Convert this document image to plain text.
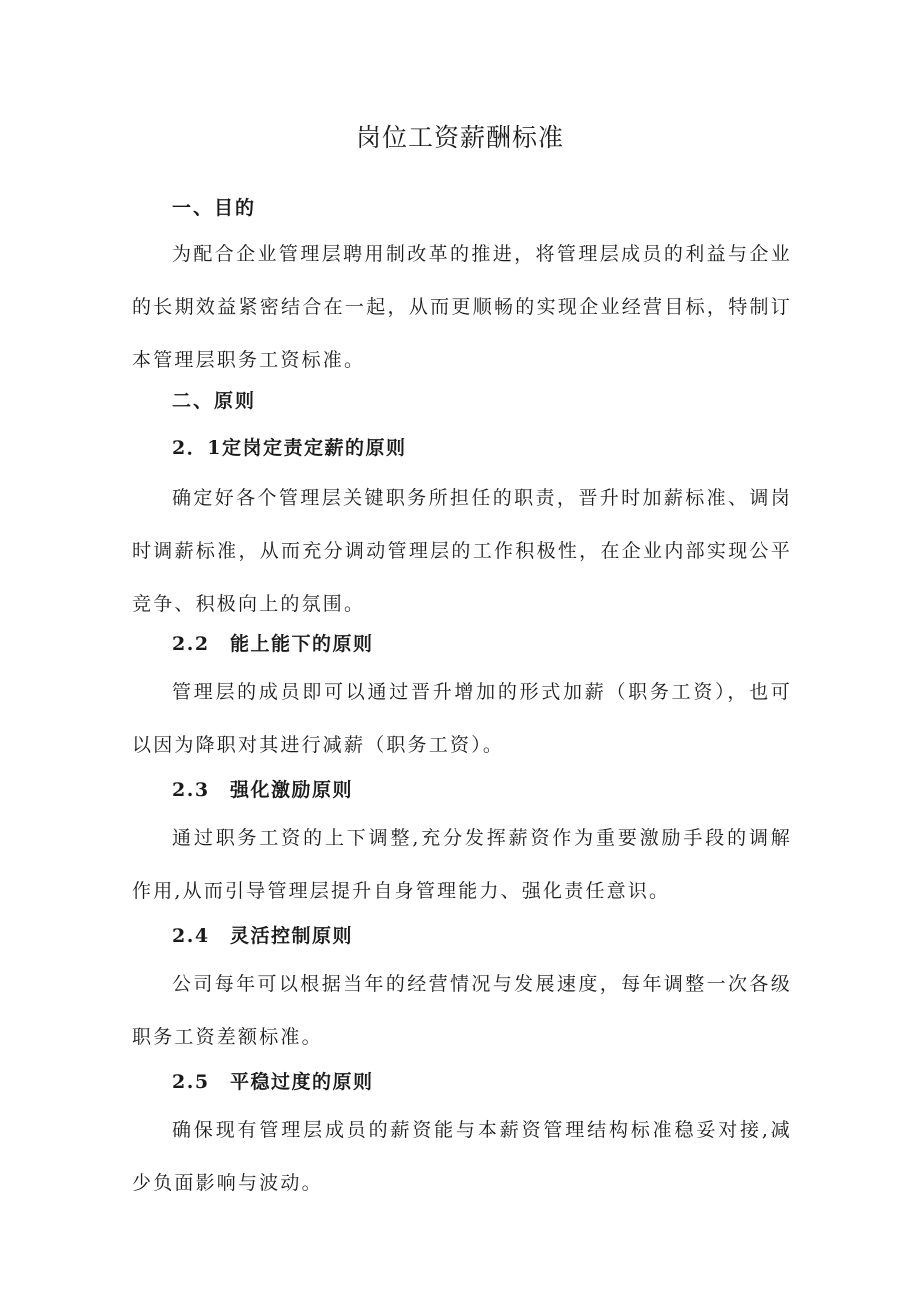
岗位工资薪酬标准
一、目的

为配合企业管理层聘用制改革的推进，将管理层成员的利益与企业的长期效益紧密结合在一起，从而更顺畅的实现企业经营目标，特制订本管理层职务工资标准。

二、原则
2．1定岗定责定薪的原则

确定好各个管理层关键职务所担任的职责，晋升时加薪标准、调岗时调薪标准，从而充分调动管理层的工作积极性，在企业内部实现公平竞争、积极向上的氛围。

2.2　能上能下的原则

管理层的成员即可以通过晋升增加的形式加薪（职务工资），也可以因为降职对其进行减薪（职务工资）。

2.3　强化激励原则

通过职务工资的上下调整,充分发挥薪资作为重要激励手段的调解作用,从而引导管理层提升自身管理能力、强化责任意识。

2.4　灵活控制原则

公司每年可以根据当年的经营情况与发展速度，每年调整一次各级职务工资差额标准。

2.5　平稳过度的原则

确保现有管理层成员的薪资能与本薪资管理结构标准稳妥对接,减少负面影响与波动。
